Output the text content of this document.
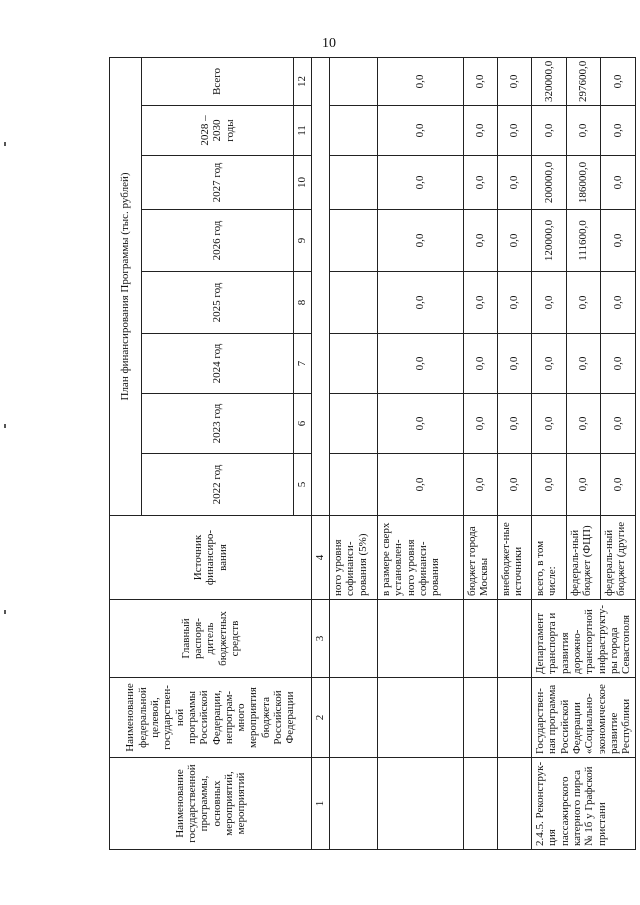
10
Наименование государственной программы, основных мероприятий, мероприятий	Наименование федеральной целевой, государствен-ной программы Российской Федерации, непрограм-много мероприятия бюджета Российской Федерации	Главный распоря-дитель бюджетных средств	Источник финансиро-вания	План финансирования Программы (тыс. рублей)							
				2022 год	2023 год	2024 год	2025 год	2026 год	2027 год	2028 – 2030 годы	Всего
				5	6	7	8	9	10	11	12
1	2	3	4								
			ного уровня софинанси-рования (5%)								
			в размере сверх установлен-ного уровня софинанси-рования	0,0	0,0	0,0	0,0	0,0	0,0	0,0	0,0
			бюджет города Москвы	0,0	0,0	0,0	0,0	0,0	0,0	0,0	0,0
			внебюджет-ные источники	0,0	0,0	0,0	0,0	0,0	0,0	0,0	0,0
2.4.5. Реконструк-ция пассажирского катерного пирса № 1б у Графской пристани	Государствен-ная программа Российской Федерации «Социально-экономическое развитие Республики	Департамент транспорта и развития дорожно-транспортной инфраструкту-ры города Севастополя	всего, в том числе:	0,0	0,0	0,0	0,0	120000,0	200000,0	0,0	320000,0
			федераль-ный бюджет (ФЦП)	0,0	0,0	0,0	0,0	111600,0	186000,0	0,0	297600,0
			федераль-ный бюджет (другие	0,0	0,0	0,0	0,0	0,0	0,0	0,0	0,0
